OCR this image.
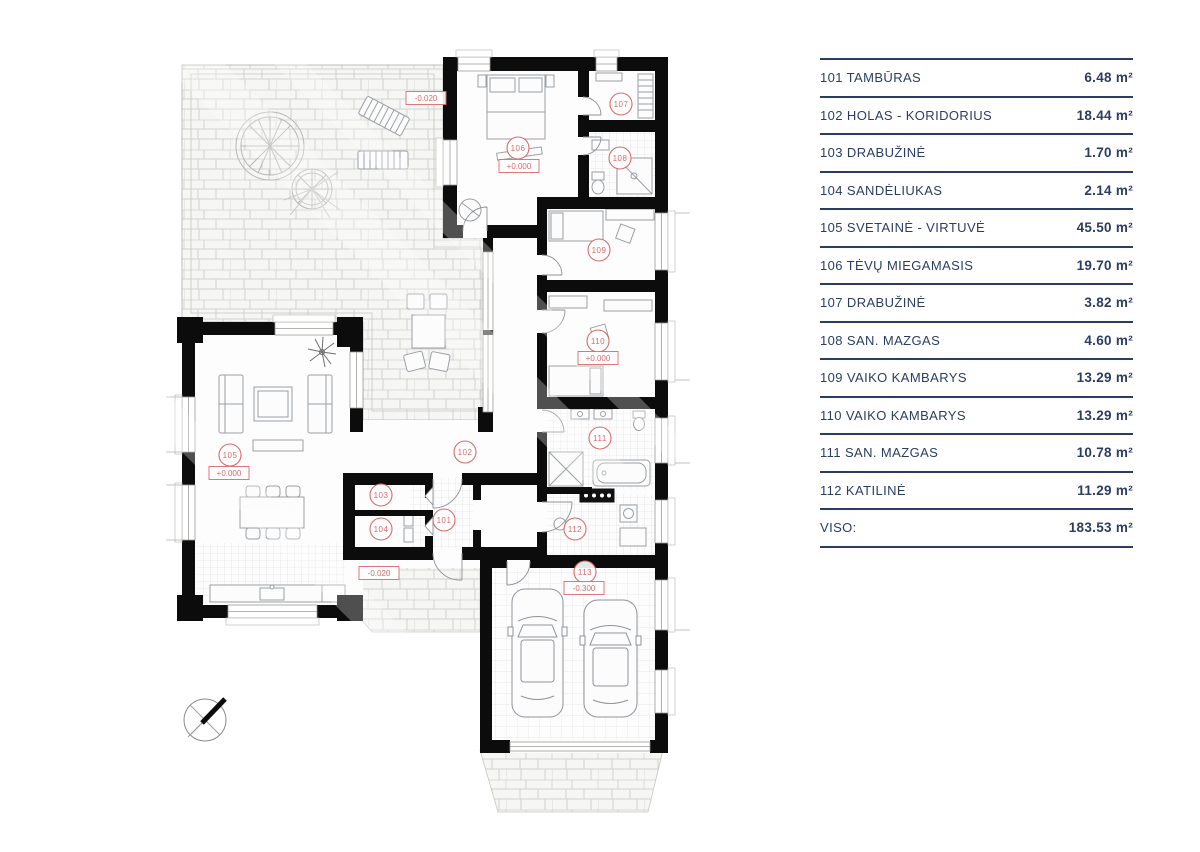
101
102
103
104
105
106
107
108
109
110
111
112
113
-0.020
+0.000
+0.000
+0.000
-0.020
-0.300
101 TAMBŪRAS	6.48 m²
102 HOLAS - KORIDORIUS	18.44 m²
103 DRABUŽINĖ	1.70 m²
104 SANDĖLIUKAS	2.14 m²
105 SVETAINĖ - VIRTUVĖ	45.50 m²
106 TĖVŲ MIEGAMASIS	19.70 m²
107 DRABUŽINĖ	3.82 m²
108 SAN. MAZGAS	4.60 m²
109 VAIKO KAMBARYS	13.29 m²
110 VAIKO KAMBARYS	13.29 m²
111 SAN. MAZGAS	10.78 m²
112 KATILINĖ	11.29 m²
VISO:	183.53 m²
